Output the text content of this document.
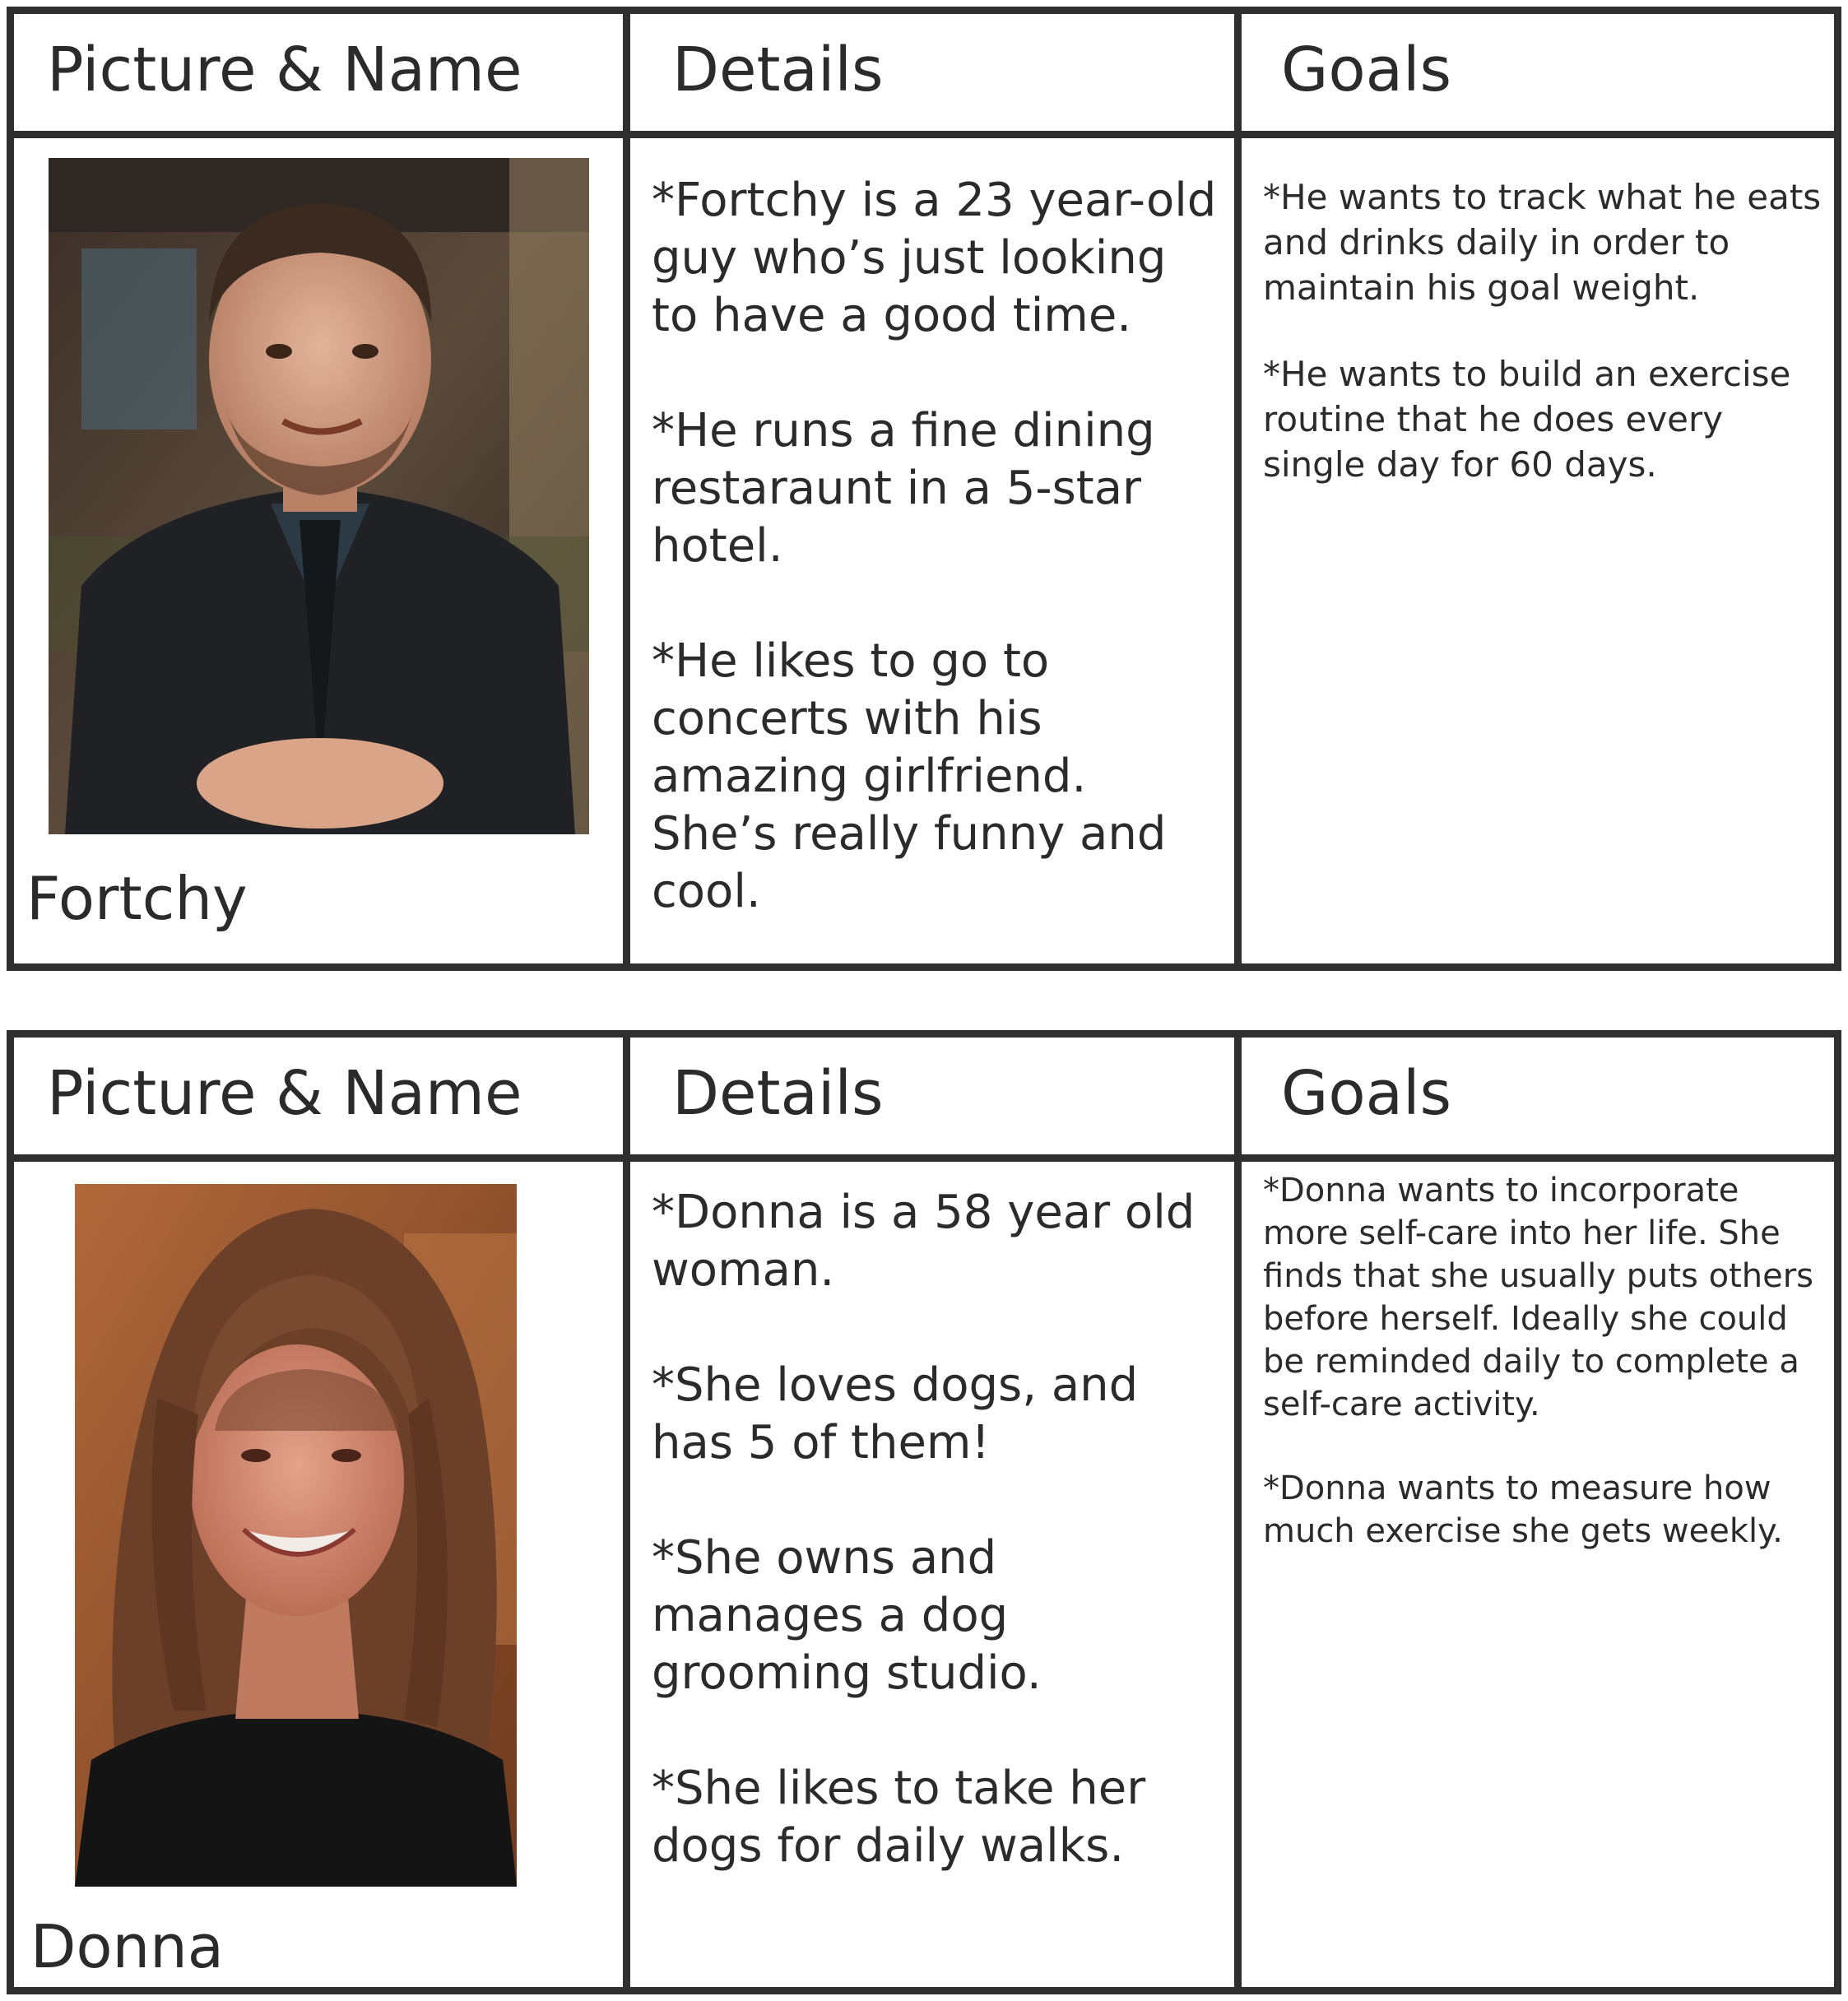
Picture & Name Details	Goals
Fortchy

*Fortchy is a 23 year-old guy who’s just looking to have a good time.

*He runs a fine dining restaraunt in a 5-star hotel.

*He likes to go to concerts with his amazing girlfriend. She’s really funny and cool.

*He wants to track what he eats and drinks daily in order to maintain his goal weight.

*He wants to build an exercise routine that he does every single day for 60 days.

Picture & Name Details	Goals
Donna

*Donna is a 58 year old woman.

*She loves dogs, and has 5 of them!

*She owns and manages a dog grooming studio.

*She likes to take her dogs for daily walks.

*Donna wants to incorporate more self-care into her life. She finds that she usually puts others before herself. Ideally she could be reminded daily to complete a self-care activity.

*Donna wants to measure how much exercise she gets weekly.
